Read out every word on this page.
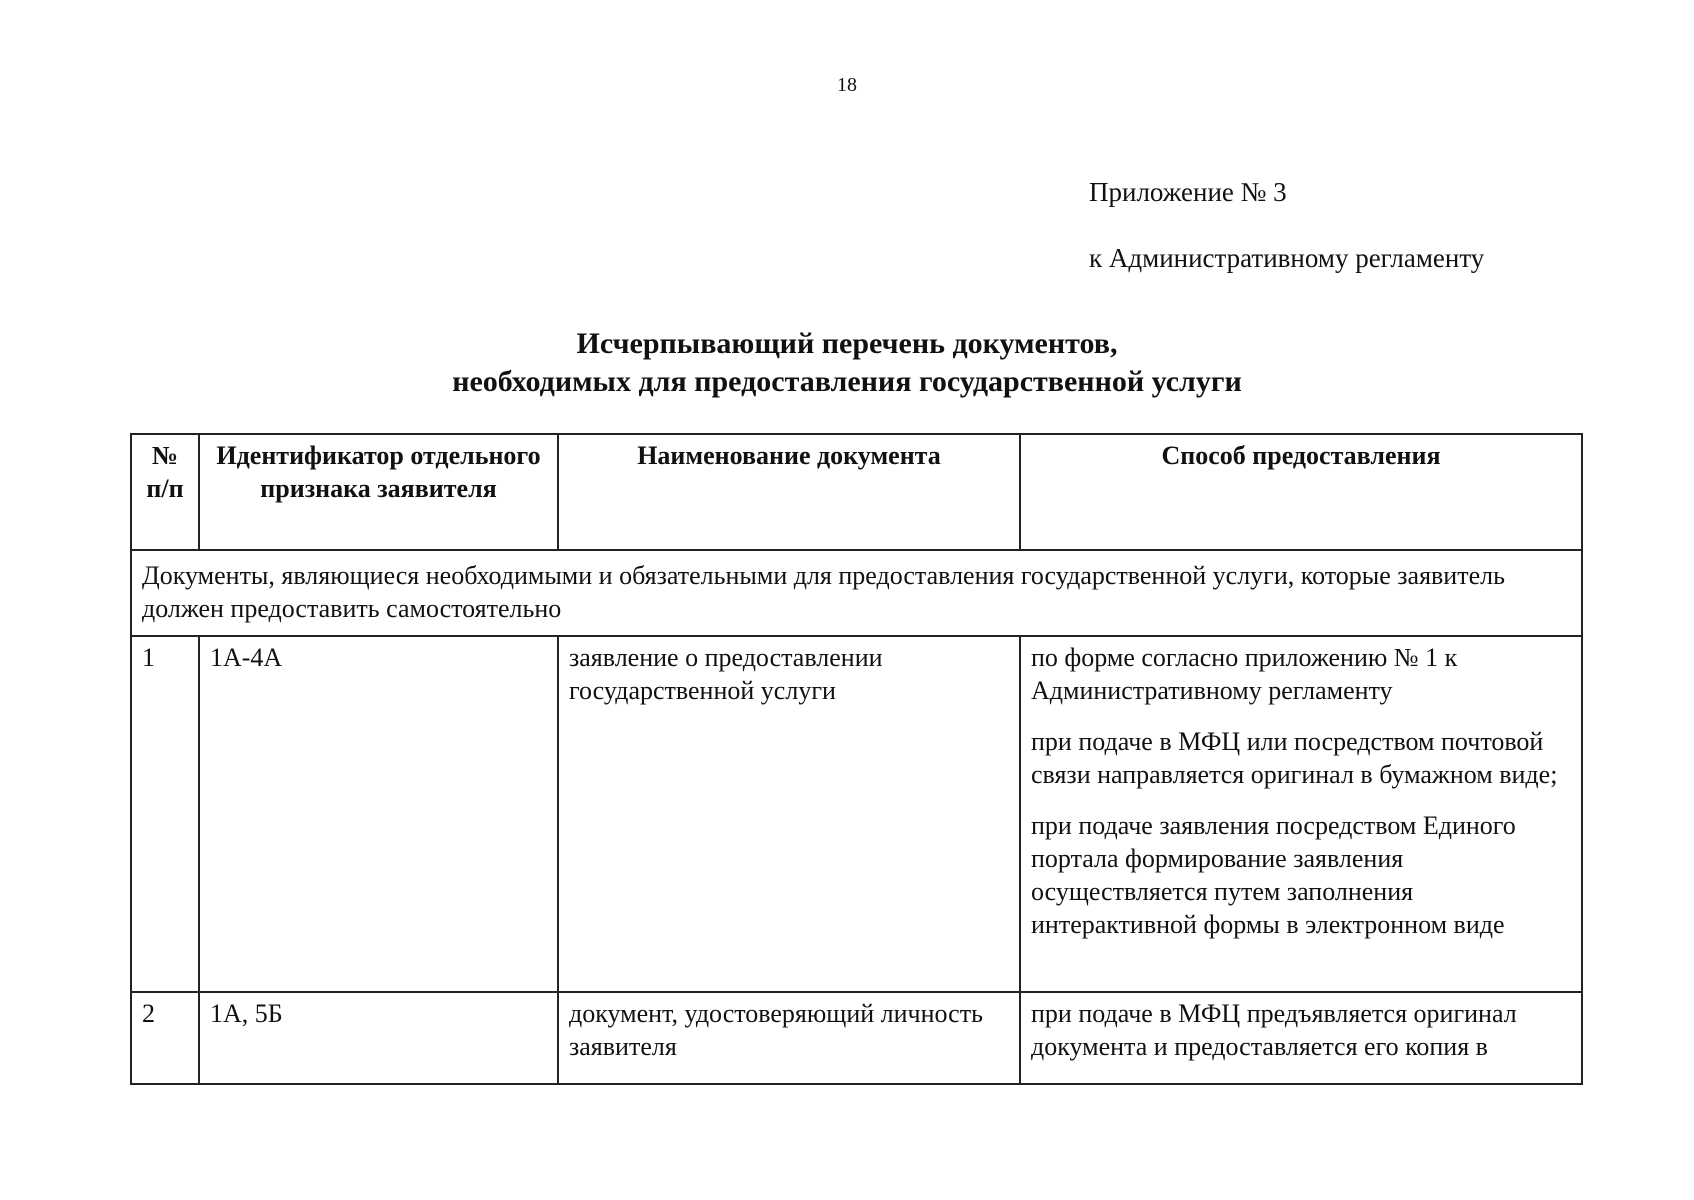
18
Приложение № 3
к Административному регламенту
Исчерпывающий перечень документов,
необходимых для предоставления государственной услуги
№ п/п	Идентификатор отдельного признака заявителя	Наименование документа	Способ предоставления
Документы, являющиеся необходимыми и обязательными для предоставления государственной услуги, которые заявитель должен предоставить самостоятельно			
1	1А-4А	заявление о предоставлении государственной услуги	по форме согласно приложению № 1 к Административному регламенту

при подаче в МФЦ или посредством почтовой связи направляется оригинал в бумажном виде;

при подаче заявления посредством Единого портала формирование заявления осуществляется путем заполнения интерактивной формы в электронном виде

2	1А, 5Б	документ, удостоверяющий личность заявителя	при подаче в МФЦ предъявляется оригинал документа и предоставляется его копия в
